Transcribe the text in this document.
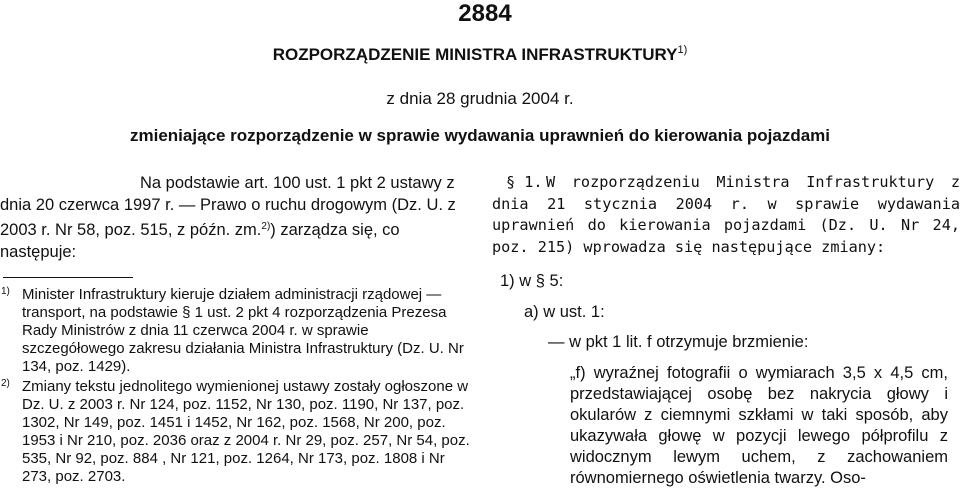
2884
ROZPORZĄDZENIE MINISTRA INFRASTRUKTURY$^{1)}$
z dnia 28 grudnia 2004 r.
zmieniające rozporządzenie w sprawie wydawania uprawnień do kierowania pojazdami

Na podstawie art. 100 ust. 1 pkt 2 ustawy z dnia 20 czerwca 1997 r. — Prawo o ruchu drogowym (Dz. U. z 2003 r. Nr 58, poz. 515, z późn. zm.$^{2)}$) zarządza się, co następuje:

1) Minister Infrastruktury kieruje działem administracji rządowej — transport, na podstawie § 1 ust. 2 pkt 4 rozporządzenia Prezesa Rady Ministrów z dnia 11 czerwca 2004 r. w sprawie szczegółowego zakresu działania Ministra Infrastruktury (Dz. U. Nr 134, poz. 1429).

2) Zmiany tekstu jednolitego wymienionej ustawy zostały ogłoszone w Dz. U. z 2003 r. Nr 124, poz. 1152, Nr 130, poz. 1190, Nr 137, poz. 1302, Nr 149, poz. 1451 i 1452, Nr 162, poz. 1568, Nr 200, poz. 1953 i Nr 210, poz. 2036 oraz z 2004 r. Nr 29, poz. 257, Nr 54, poz. 535, Nr 92, poz. 884 , Nr 121, poz. 1264, Nr 173, poz. 1808 i Nr 273, poz. 2703.

§ 1. W rozporządzeniu Ministra Infrastruktury z dnia 21 stycznia 2004 r. w sprawie wydawania uprawnień do kierowania pojazdami (Dz. U. Nr 24, poz. 215) wprowadza się następujące zmiany:

1) w § 5:

a) w ust. 1:

— w pkt 1 lit. f otrzymuje brzmienie:

„f) wyraźnej fotografii o wymiarach 3,5 x 4,5 cm, przedstawiającej osobę bez nakrycia głowy i okularów z ciemnymi szkłami w taki sposób, aby ukazywała głowę w pozycji lewego półprofilu z widocznym lewym uchem, z zachowaniem równomiernego oświetlenia twarzy. Oso-
